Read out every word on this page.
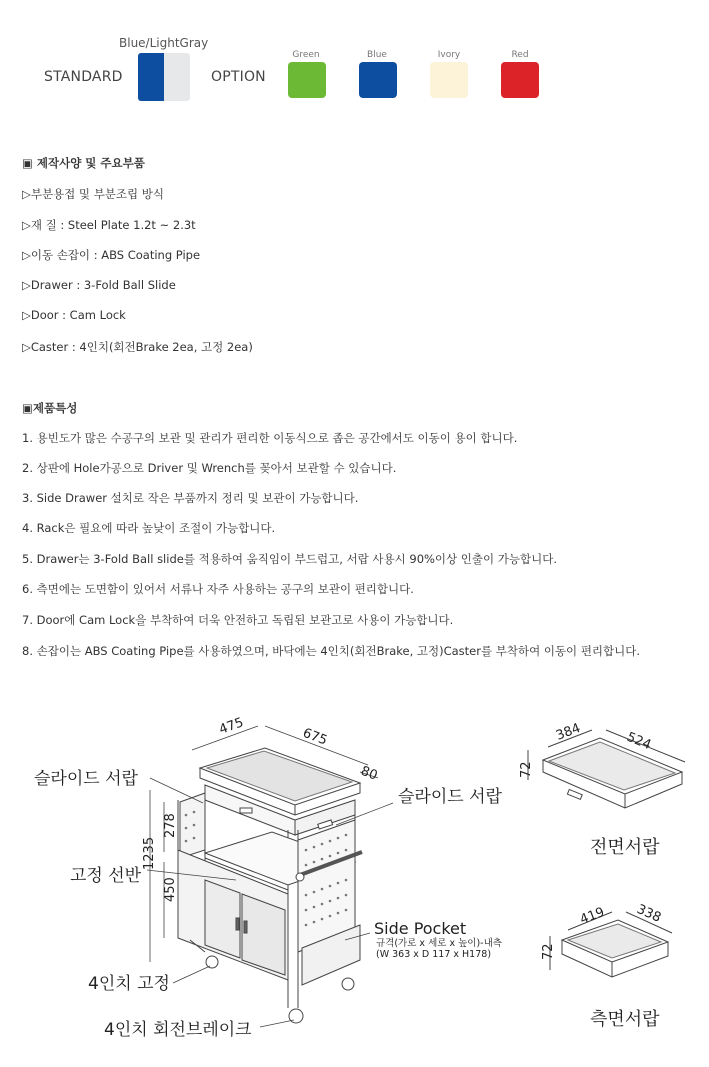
Blue/LightGray
STANDARD	OPTION
Green	Blue	Ivory	Red
▣ 제작사양 및 주요부품
▷부분용접 및 부분조립 방식
▷재 질 : Steel Plate 1.2t ~ 2.3t
▷이동 손잡이 : ABS Coating Pipe
▷Drawer : 3-Fold Ball Slide
▷Door : Cam Lock
▷Caster : 4인치(회전Brake 2ea, 고정 2ea)
▣제품특성
1. 용빈도가 많은 수공구의 보관 및 관리가 편리한 이동식으로 좁은 공간에서도 이동이 용이 합니다.
2. 상판에 Hole가공으로 Driver 및 Wrench를 꽂아서 보관할 수 있습니다.
3. Side Drawer 설치로 작은 부품까지 정리 및 보관이 가능합니다.
4. Rack은 필요에 따라 높낮이 조절이 가능합니다.
5. Drawer는 3-Fold Ball slide를 적용하여 움직임이 부드럽고, 서랍 사용시 90%이상 인출이 가능합니다.
6. 측면에는 도면함이 있어서 서류나 자주 사용하는 공구의 보관이 편리합니다.
7. Door에 Cam Lock을 부착하여 더욱 안전하고 독립된 보관고로 사용이 가능합니다.
8. 손잡이는 ABS Coating Pipe를 사용하였으며, 바닥에는 4인치(회전Brake, 고정)Caster를 부착하여 이동이 편리합니다.
475	675
80
278
1235
450
슬라이드 서랍
슬라이드 서랍
고정 선반
4인치 고정
4인치 회전브레이크
Side Pocket
규격(가로 x 세로 x 높이)-내측
(W 363 x D 117 x H178)
72
384	524
전면서랍
72
419 338
측면서랍
